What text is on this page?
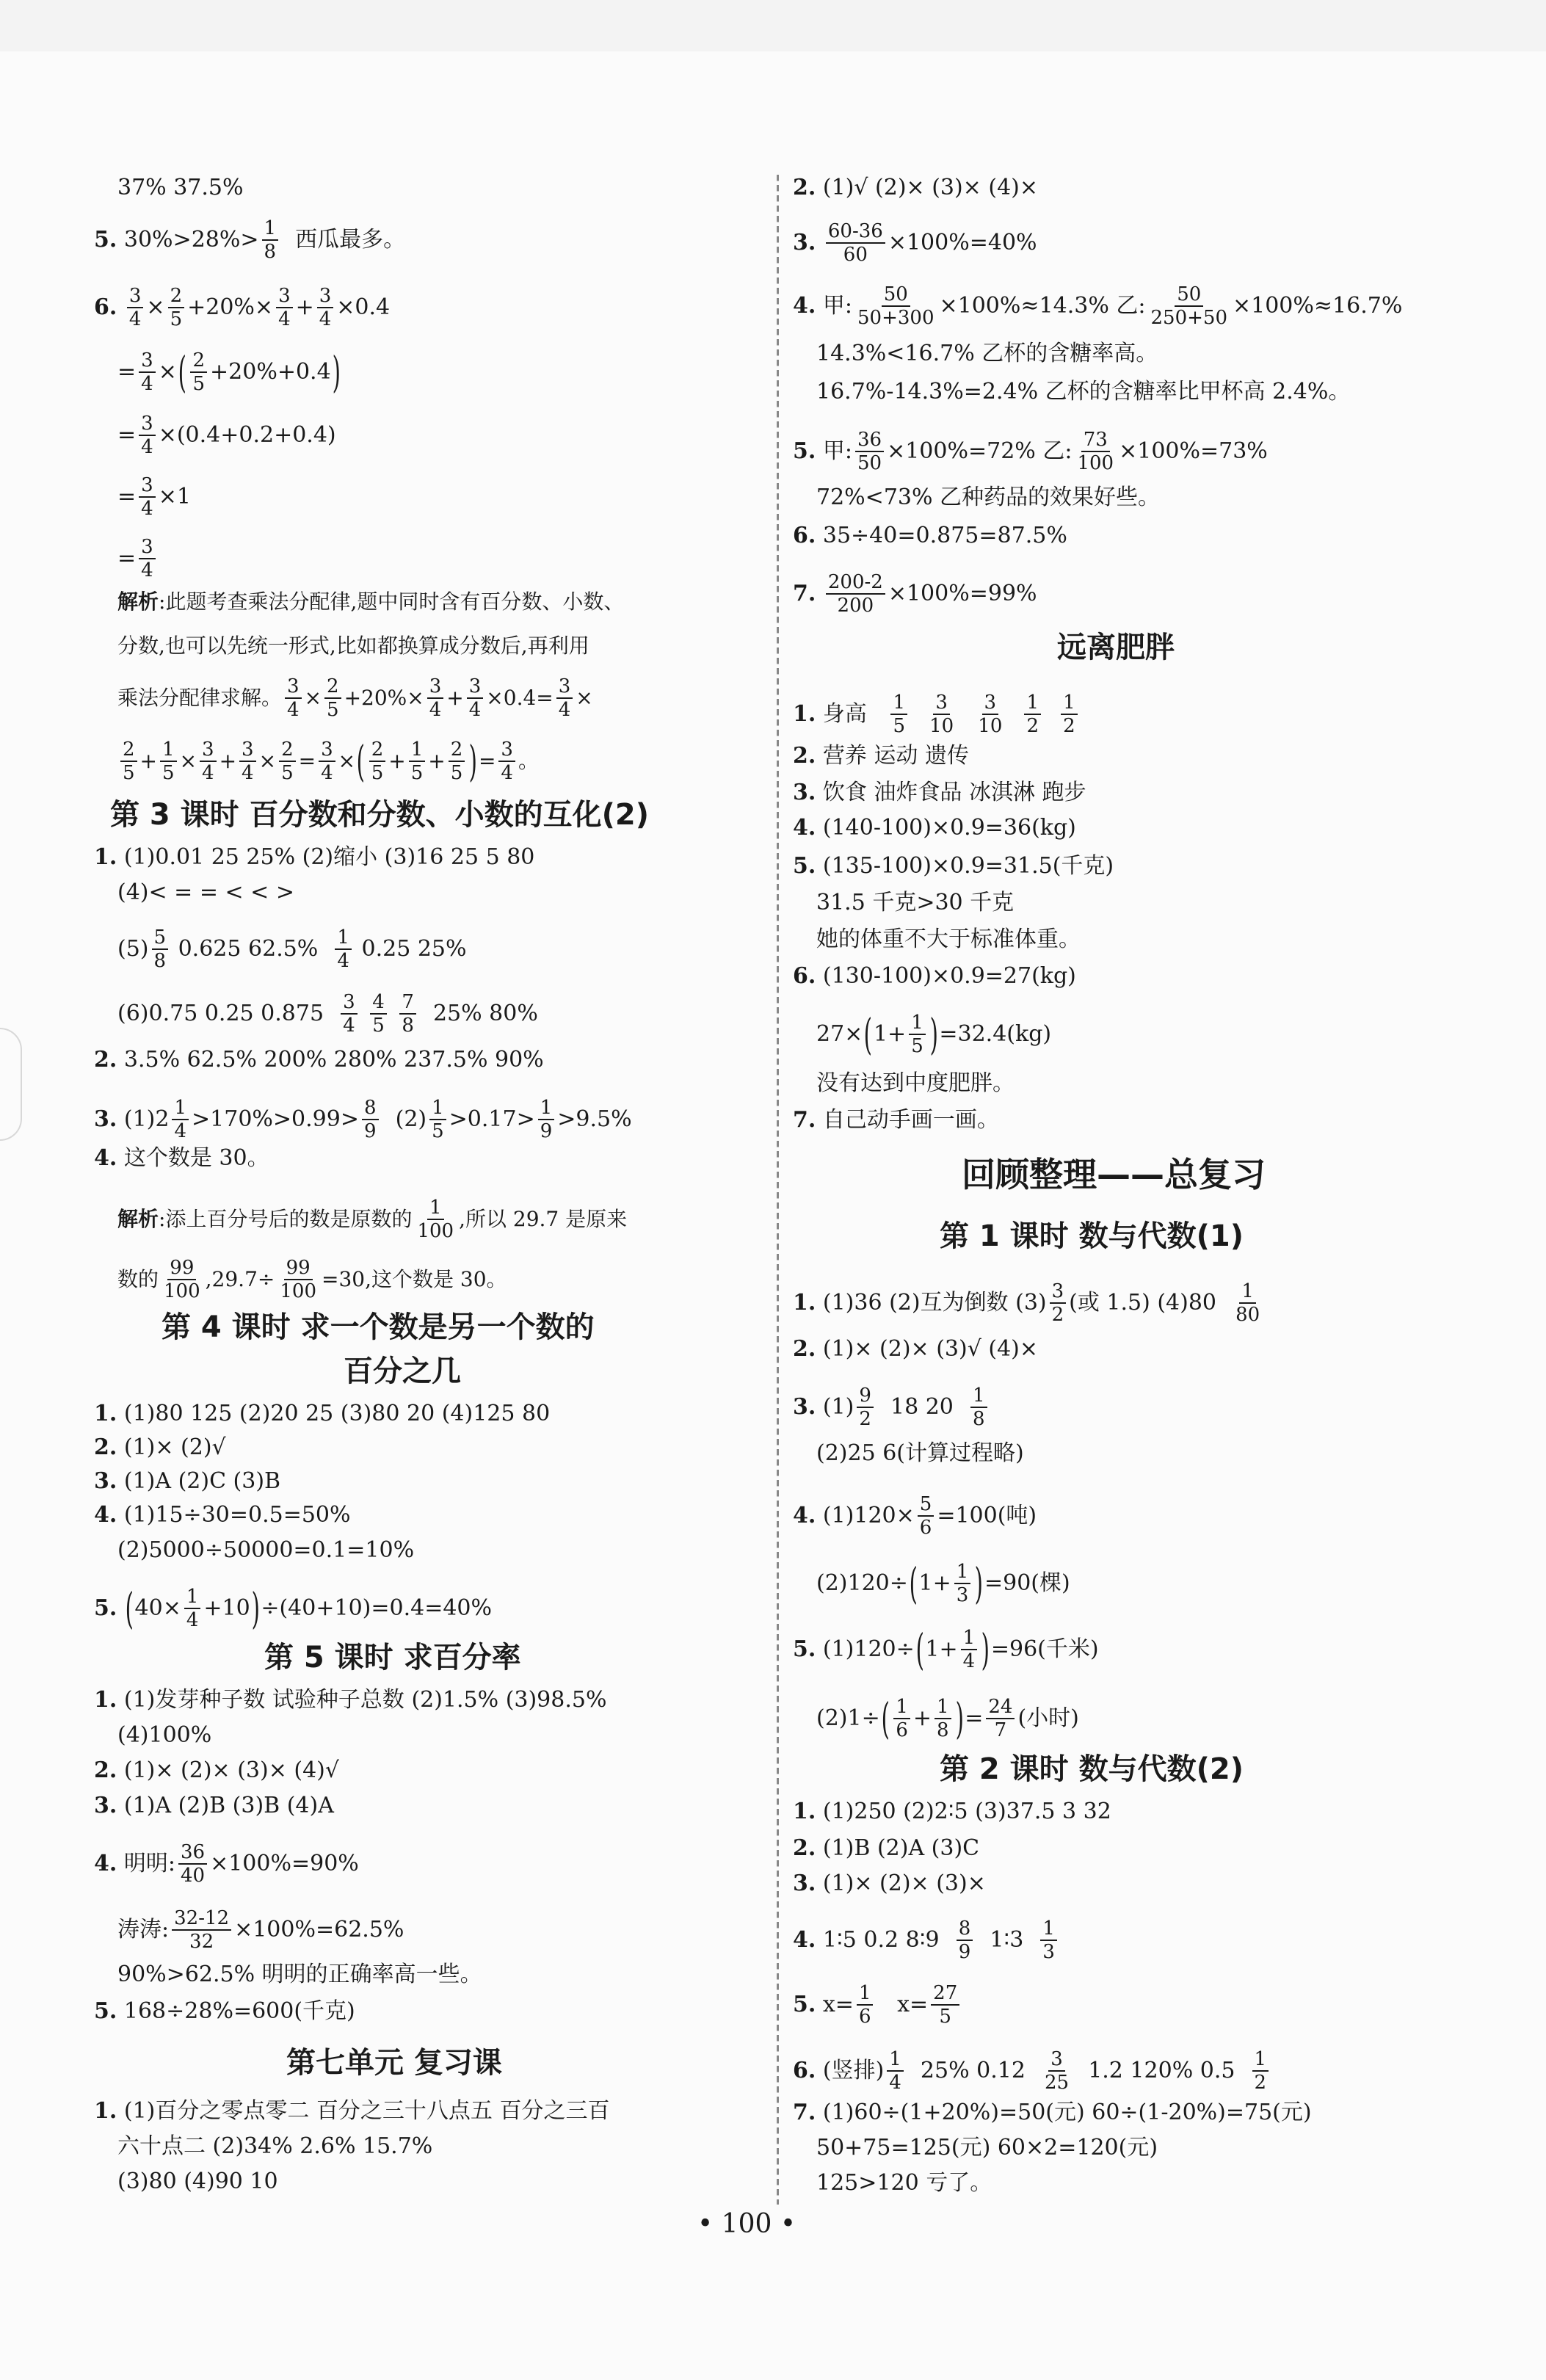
37% 37.5%
5.
$30\%>28\%> \frac{1}{8}$
西瓜最多。
6.
$\frac{3}{4} \times \frac{2}{5} +20\%\times \frac{3}{4} + \frac{3}{4} \times 0.4$
= $\frac{3}{4}$ × ( $\frac{2}{5} +20\%+0.4$ )
= $\frac{3}{4} \times(0.4+0.2+0.4)$
= $\frac{3}{4} \times 1$
= $\frac{3}{4}$
解析 :此题考查乘法分配律,题中同时含有百分数、小数、
分数,也可以先统一形式,比如都换算成分数后,再利用
乘法分配律求解。 $\frac{3}{4} \times \frac{2}{5} +20\%\times \frac{3}{4} + \frac{3}{4} \times 0.4= \frac{3}{4}$ ×
$\frac{2}{5} + \frac{1}{5} \times \frac{3}{4} + \frac{3}{4} \times \frac{2}{5} = \frac{3}{4}$ × ( $\frac{2}{5} + \frac{1}{5} + \frac{2}{5}$ ) = $\frac{3}{4}$ 。
第 3 课时 百分数和分数、小数的互化(2)
1.
(1)0.01 25 25% (2)缩小 (3)16 25 5 80
(4)< = = < < >
$(5) \frac{5}{8}$
0.625 62.5%
$\frac{1}{4}$
0.25 25%
(6)0.75 0.25 0.875
$\frac{3}{4}$
$\frac{4}{5}$
$\frac{7}{8}$
25% 80%
2.
3.5% 62.5% 200% 280% 237.5% 90%
3.
$(1)2 \frac{1}{4} >170\%>0.99> \frac{8}{9}$
$(2) \frac{1}{5} >0.17> \frac{1}{9} >9.5\%$
4.
这个数是 30。
解析 :添上百分号后的数是原数的 $\frac{1}{100}$ ,所以 29.7 是原来
数的 $\frac{99}{100} ,29.7\div \frac{99}{100} =30$,这个数是 30。
第 4 课时 求一个数是另一个数的
百分之几
1.
(1)80 125 (2)20 25 (3)80 20 (4)125 80
2.
(1)× (2)√
3.
(1)A (2)C (3)B
4.
(1)15÷30=0.5=50%
(2)5000÷50000=0.1=10%
5.
( $40\times \frac{1}{4} +10$ ) ÷(40+10)=0.4=40%
第 5 课时 求百分率
1.
(1)发芽种子数 试验种子总数 (2)1.5% (3)98.5%
(4)100%
2.
(1)× (2)× (3)× (4)√
3.
(1)A (2)B (3)B (4)A
4.
明明: $\frac{36}{40} \times 100\%=90\%$
涛涛: $\frac{32-12}{32} \times 100\%=62.5\%$
90%>62.5% 明明的正确率高一些。
5.
168÷28%=600(千克)
第七单元 复习课
1.
(1)百分之零点零二 百分之三十八点五 百分之三百
六十点二 (2)34% 2.6% 15.7%
(3)80 (4)90 10
2.
(1)√ (2)× (3)× (4)×
3.
$\frac{60-36}{60} \times 100\%=40\%$
4.
甲: $\frac{50}{50+300} \times 100\%\approx 14.3\%$ 乙: $\frac{50}{250+50} \times 100\%\approx 16.7\%$
14.3%<16.7% 乙杯的含糖率高。
16.7%-14.3%=2.4% 乙杯的含糖率比甲杯高 2.4%。
5.
甲: $\frac{36}{50} \times 100\%=72\%$ 乙: $\frac{73}{100} \times 100\%=73\%$
72%<73% 乙种药品的效果好些。
6.
35÷40=0.875=87.5%
7.
$\frac{200-2}{200} \times 100\%=99\%$
远离肥胖
1.
身高
$\frac{1}{5}$
$\frac{3}{10}$
$\frac{3}{10}$
$\frac{1}{2}$
$\frac{1}{2}$
2.
营养 运动 遗传
3.
饮食 油炸食品 冰淇淋 跑步
4.
(140-100)×0.9=36(kg)
5.
(135-100)×0.9=31.5(千克)
31.5 千克>30 千克
她的体重不大于标准体重。
6.
(130-100)×0.9=27(kg)
27× ( $1+ \frac{1}{5}$ ) =32.4(kg)
没有达到中度肥胖。
7.
自己动手画一画。
回顾整理——总复习
第 1 课时 数与代数(1)
1.
(1)36 (2)互为倒数 $(3) \frac{3}{2}$ (或 1.5) (4)80
$\frac{1}{80}$
2.
(1)× (2)× (3)√ (4)×
3.
$(1) \frac{9}{2}$
18 20
$\frac{1}{8}$
(2)25 6(计算过程略)
4.
$(1)120\times \frac{5}{6} =100$(吨)
(2)120÷ ( $1+ \frac{1}{3}$ ) =90(棵)
5.
(1)120÷ ( $1+ \frac{1}{4}$ ) =96(千米)
(2)1÷ ( $\frac{1}{6} + \frac{1}{8}$ ) = $\frac{24}{7}$ (小时)
第 2 课时 数与代数(2)
1.
(1)250 (2)2∶5 (3)37.5 3 32
2.
(1)B (2)A (3)C
3.
(1)× (2)× (3)×
4.
1∶5 0.2 8∶9
$\frac{8}{9}$
1∶3
$\frac{1}{3}$
5.
$x= \frac{1}{6}$
$x= \frac{27}{5}$
6.
(竖排) $\frac{1}{4}$
25% 0.12
$\frac{3}{25}$
1.2 120% 0.5
$\frac{1}{2}$
7.
(1)60÷(1+20%)=50(元) 60÷(1-20%)=75(元)
50+75=125(元) 60×2=120(元)
125>120 亏了。
• 100 •
